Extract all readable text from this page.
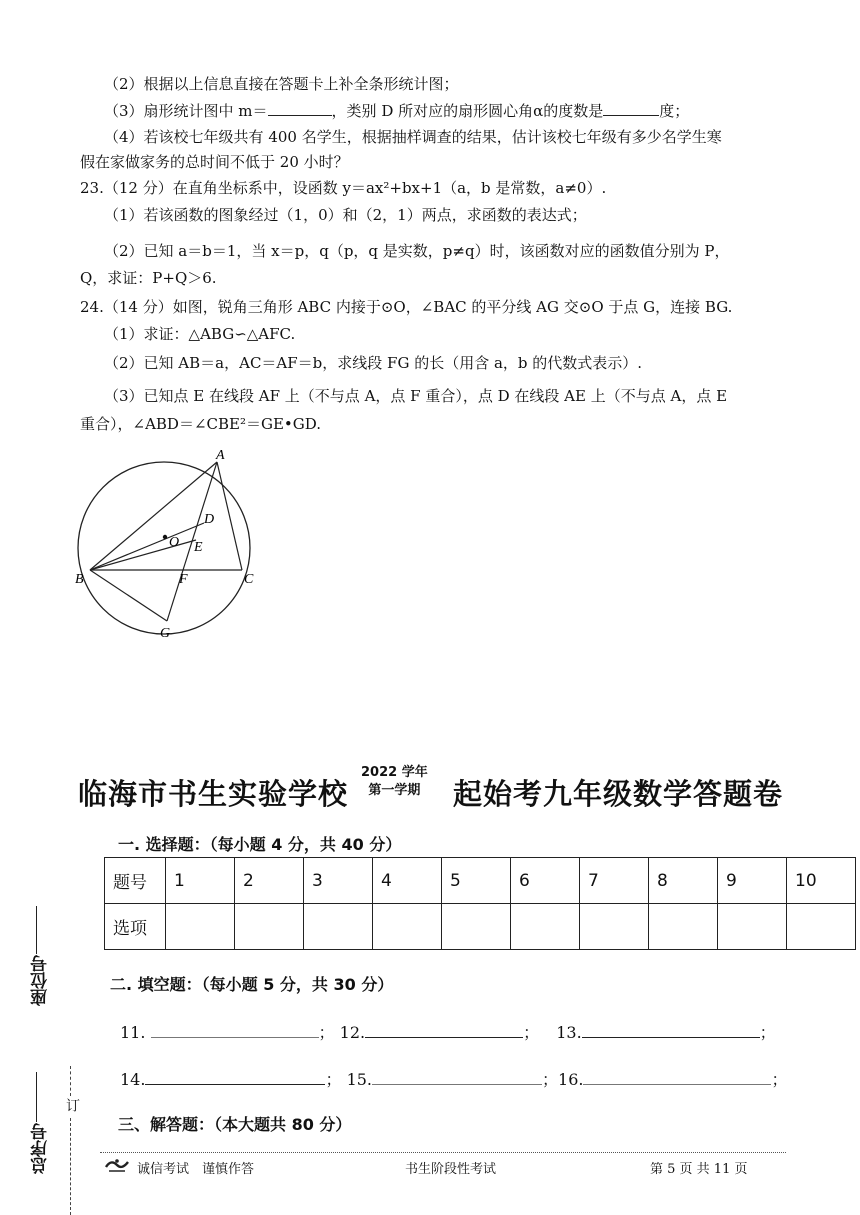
（2）根据以上信息直接在答题卡上补全条形统计图；
（3）扇形统计图中 m＝	，类别 D 所对应的扇形圆心角α的度数是	度；
（4）若该校七年级共有 400 名学生，根据抽样调查的结果，估计该校七年级有多少名学生寒
假在家做家务的总时间不低于 20 小时？
23.（12 分）在直角坐标系中，设函数 y＝ax²+bx+1（a，b 是常数，a≠0）.
（1）若该函数的图象经过（1，0）和（2，1）两点，求函数的表达式；
（2）已知 a＝b＝1，当 x＝p，q（p，q 是实数，p≠q）时，该函数对应的函数值分别为 P，
Q，求证：P+Q＞6.
24.（14 分）如图，锐角三角形 ABC 内接于⊙O，∠BAC 的平分线 AG 交⊙O 于点 G，连接 BG.
（1）求证：△ABG∽△AFC.
（2）已知 AB＝a，AC＝AF＝b，求线段 FG 的长（用含 a，b 的代数式表示）.
（3）已知点 E 在线段 AF 上（不与点 A，点 F 重合），点 D 在线段 AE 上（不与点 A，点 E
重合），∠ABD＝∠CBE²＝GE•GD.
A
B	C
D
E
F
G
O
临海市书生实验学校
2022 学年
第一学期 起始考九年级数学答题卷
一. 选择题：（每小题 4 分，共 40 分）
题号	1	2	3	4	5	6	7	8	9	10
选项										
二. 填空题：（每小题 5 分，共 30 分）
11.	； 12.	； 13.	；
14.	； 15.	；16.	；
三、解答题：（本大题共 80 分）
座位号
总序号
订
诚信考试　谨慎作答	书生阶段性考试	第 5 页 共 11 页
